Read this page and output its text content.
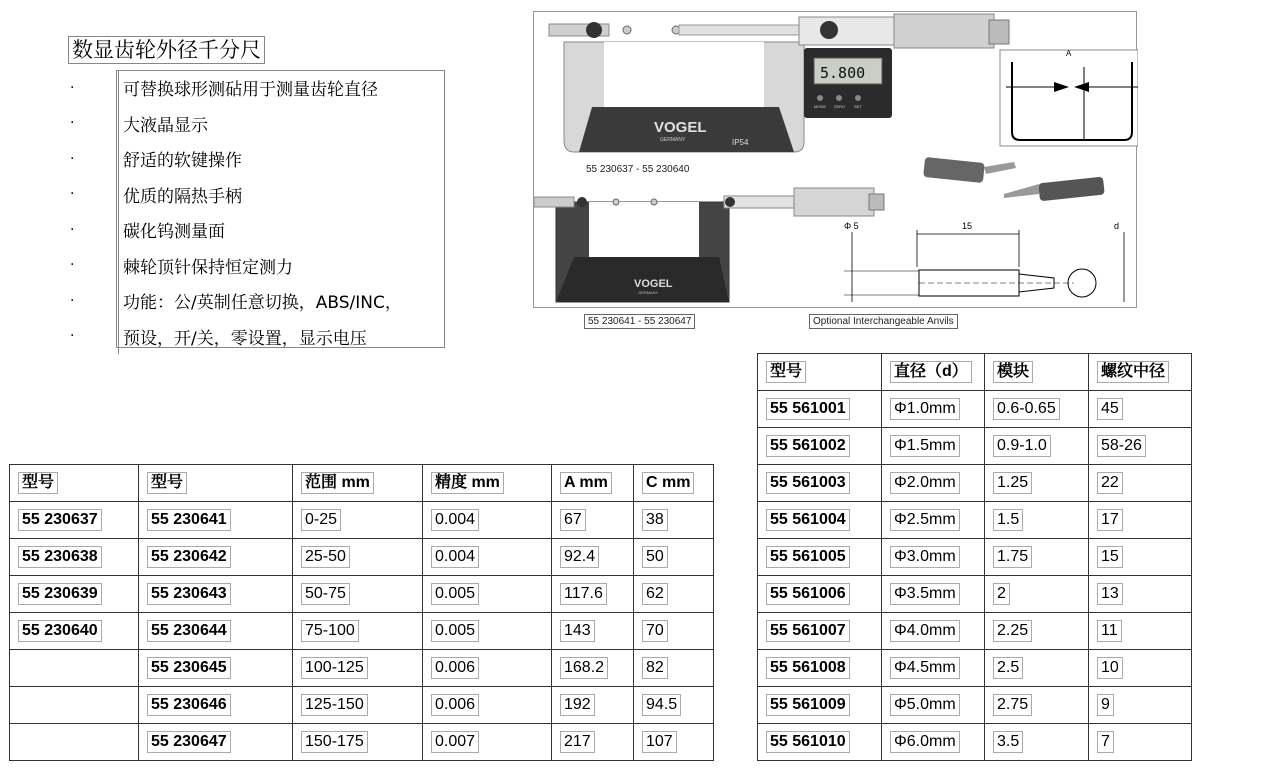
数显齿轮外径千分尺
·	可替换球形测砧用于测量齿轮直径
·	大液晶显示
·	舒适的软键操作
·	优质的隔热手柄
·	碳化钨测量面
·	棘轮顶针保持恒定测力
·	功能：公/英制任意切换，ABS/INC，
·	预设，开/关，零设置，显示电压
VOGEL
GERMANY	IP54
5.800
MODE ZERO SET
VOGEL
GERMANY
A
Φ 5	15	d
55 230637 - 55 230640
55 230641 - 55 230647	Optional Interchangeable Anvils
型号	型号	范围 mm	精度 mm	A mm	C mm
55 230637	55 230641	0-25	0.004	67	38
55 230638	55 230642	25-50	0.004	92.4	50
55 230639	55 230643	50-75	0.005	117.6	62
55 230640	55 230644	75-100	0.005	143	70
	55 230645	100-125	0.006	168.2	82
	55 230646	125-150	0.006	192	94.5
	55 230647	150-175	0.007	217	107
型号	直径（d）	模块	螺纹中径
55 561001	Φ1.0mm	0.6-0.65	45
55 561002	Φ1.5mm	0.9-1.0	58-26
55 561003	Φ2.0mm	1.25	22
55 561004	Φ2.5mm	1.5	17
55 561005	Φ3.0mm	1.75	15
55 561006	Φ3.5mm	2	13
55 561007	Φ4.0mm	2.25	11
55 561008	Φ4.5mm	2.5	10
55 561009	Φ5.0mm	2.75	9
55 561010	Φ6.0mm	3.5	7
